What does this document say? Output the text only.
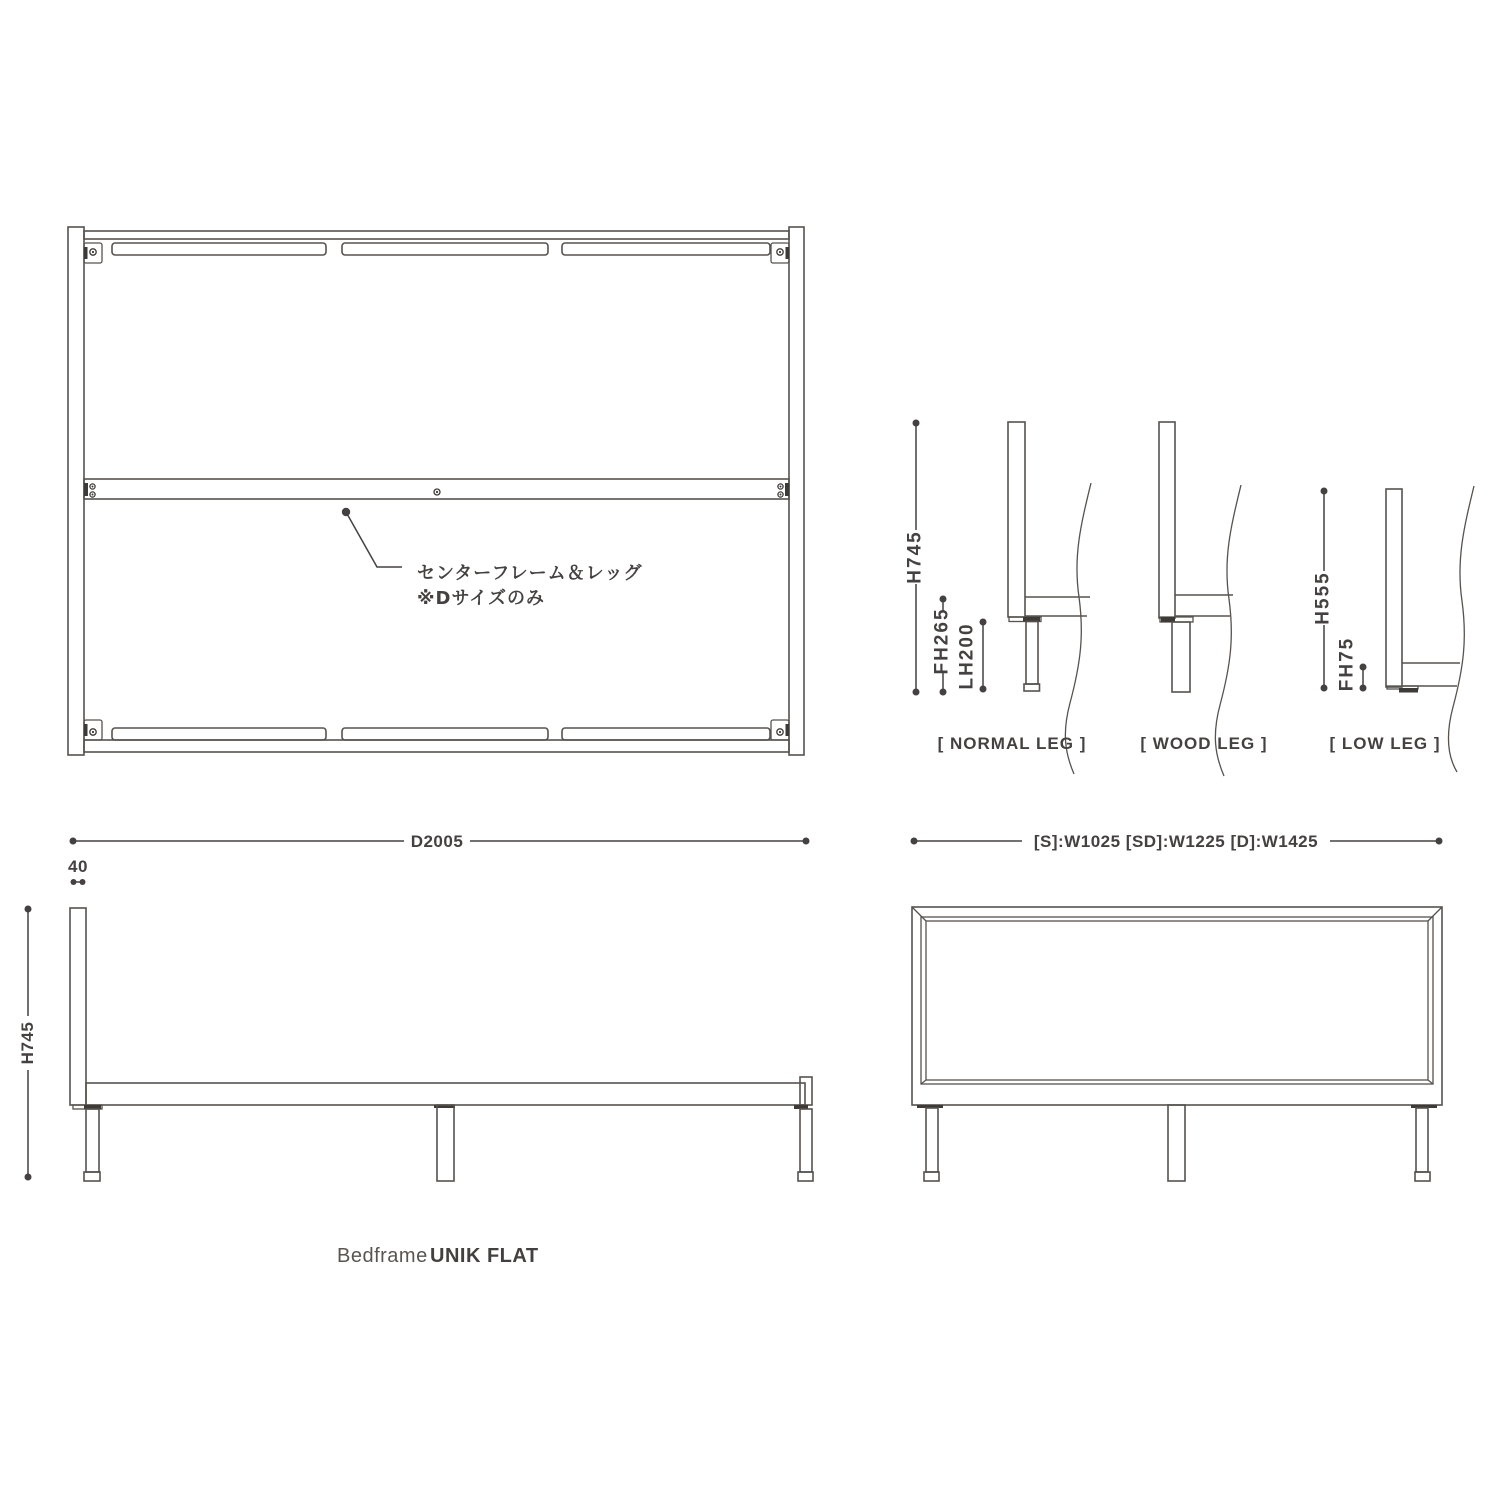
センターフレーム＆レッグ
※Dサイズのみ
H745
FH265 LH200
[ NORMAL LEG ]	[ WOOD LEG ]
H555
FH75
[ LOW LEG ]
D2005
40
H745
[S]:W1025 [SD]:W1225 [D]:W1425
Bedframe UNIK FLAT
